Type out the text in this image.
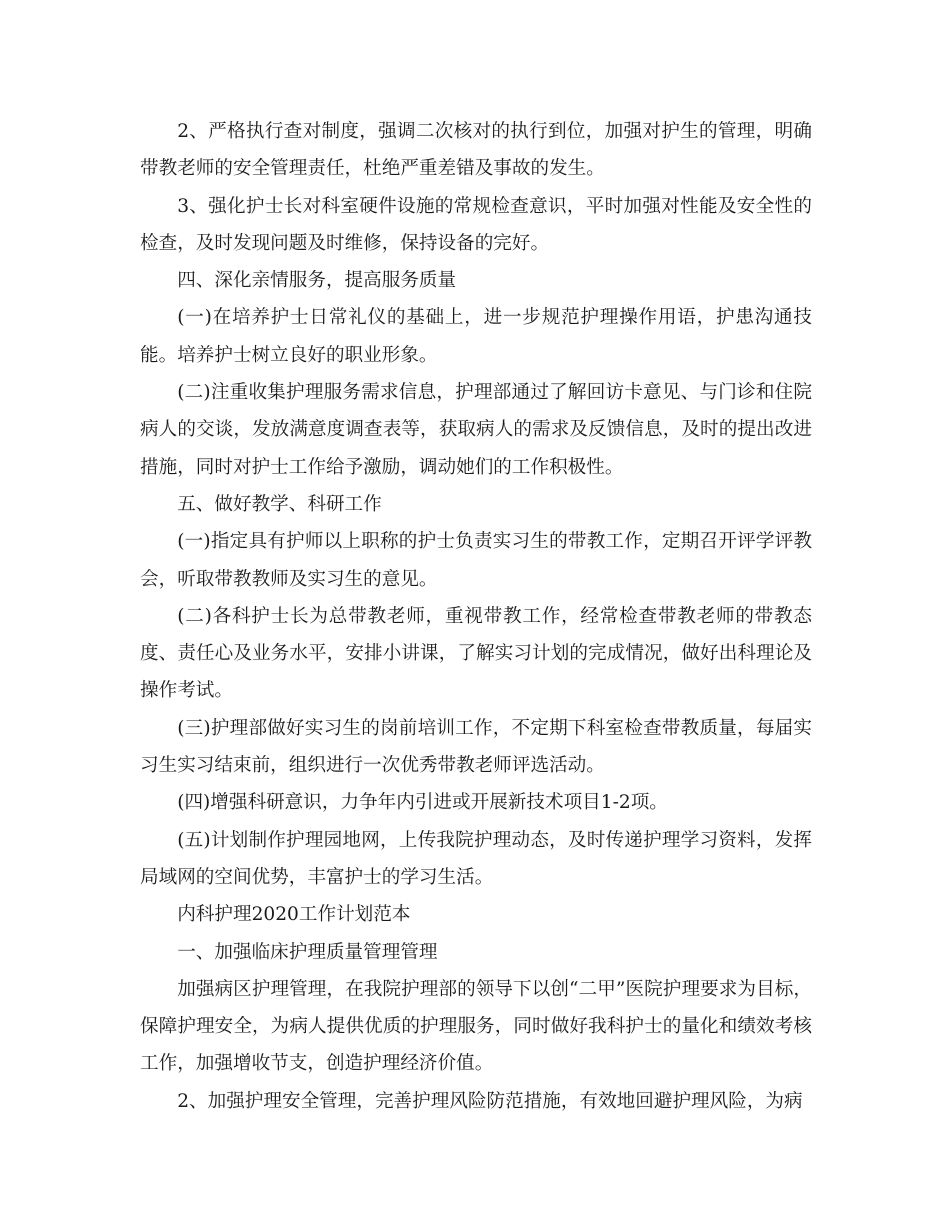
2、严格执行查对制度，强调二次核对的执行到位，加强对护生的管理，明确带教老师的安全管理责任，杜绝严重差错及事故的发生。

3、强化护士长对科室硬件设施的常规检查意识，平时加强对性能及安全性的检查，及时发现问题及时维修，保持设备的完好。

四、深化亲情服务，提高服务质量

(一)在培养护士日常礼仪的基础上，进一步规范护理操作用语，护患沟通技能。培养护士树立良好的职业形象。

(二)注重收集护理服务需求信息，护理部通过了解回访卡意见、与门诊和住院病人的交谈，发放满意度调查表等，获取病人的需求及反馈信息，及时的提出改进措施，同时对护士工作给予激励，调动她们的工作积极性。

五、做好教学、科研工作

(一)指定具有护师以上职称的护士负责实习生的带教工作，定期召开评学评教会，听取带教教师及实习生的意见。

(二)各科护士长为总带教老师，重视带教工作，经常检查带教老师的带教态度、责任心及业务水平，安排小讲课，了解实习计划的完成情况，做好出科理论及操作考试。

(三)护理部做好实习生的岗前培训工作，不定期下科室检查带教质量，每届实习生实习结束前，组织进行一次优秀带教老师评选活动。

(四)增强科研意识，力争年内引进或开展新技术项目1-2项。

(五)计划制作护理园地网，上传我院护理动态，及时传递护理学习资料，发挥局域网的空间优势，丰富护士的学习生活。

内科护理2020工作计划范本

一、加强临床护理质量管理管理

加强病区护理管理，在我院护理部的领导下以创“二甲”医院护理要求为目标，保障护理安全，为病人提供优质的护理服务，同时做好我科护士的量化和绩效考核工作，加强增收节支，创造护理经济价值。

2、加强护理安全管理，完善护理风险防范措施，有效地回避护理风险，为病
